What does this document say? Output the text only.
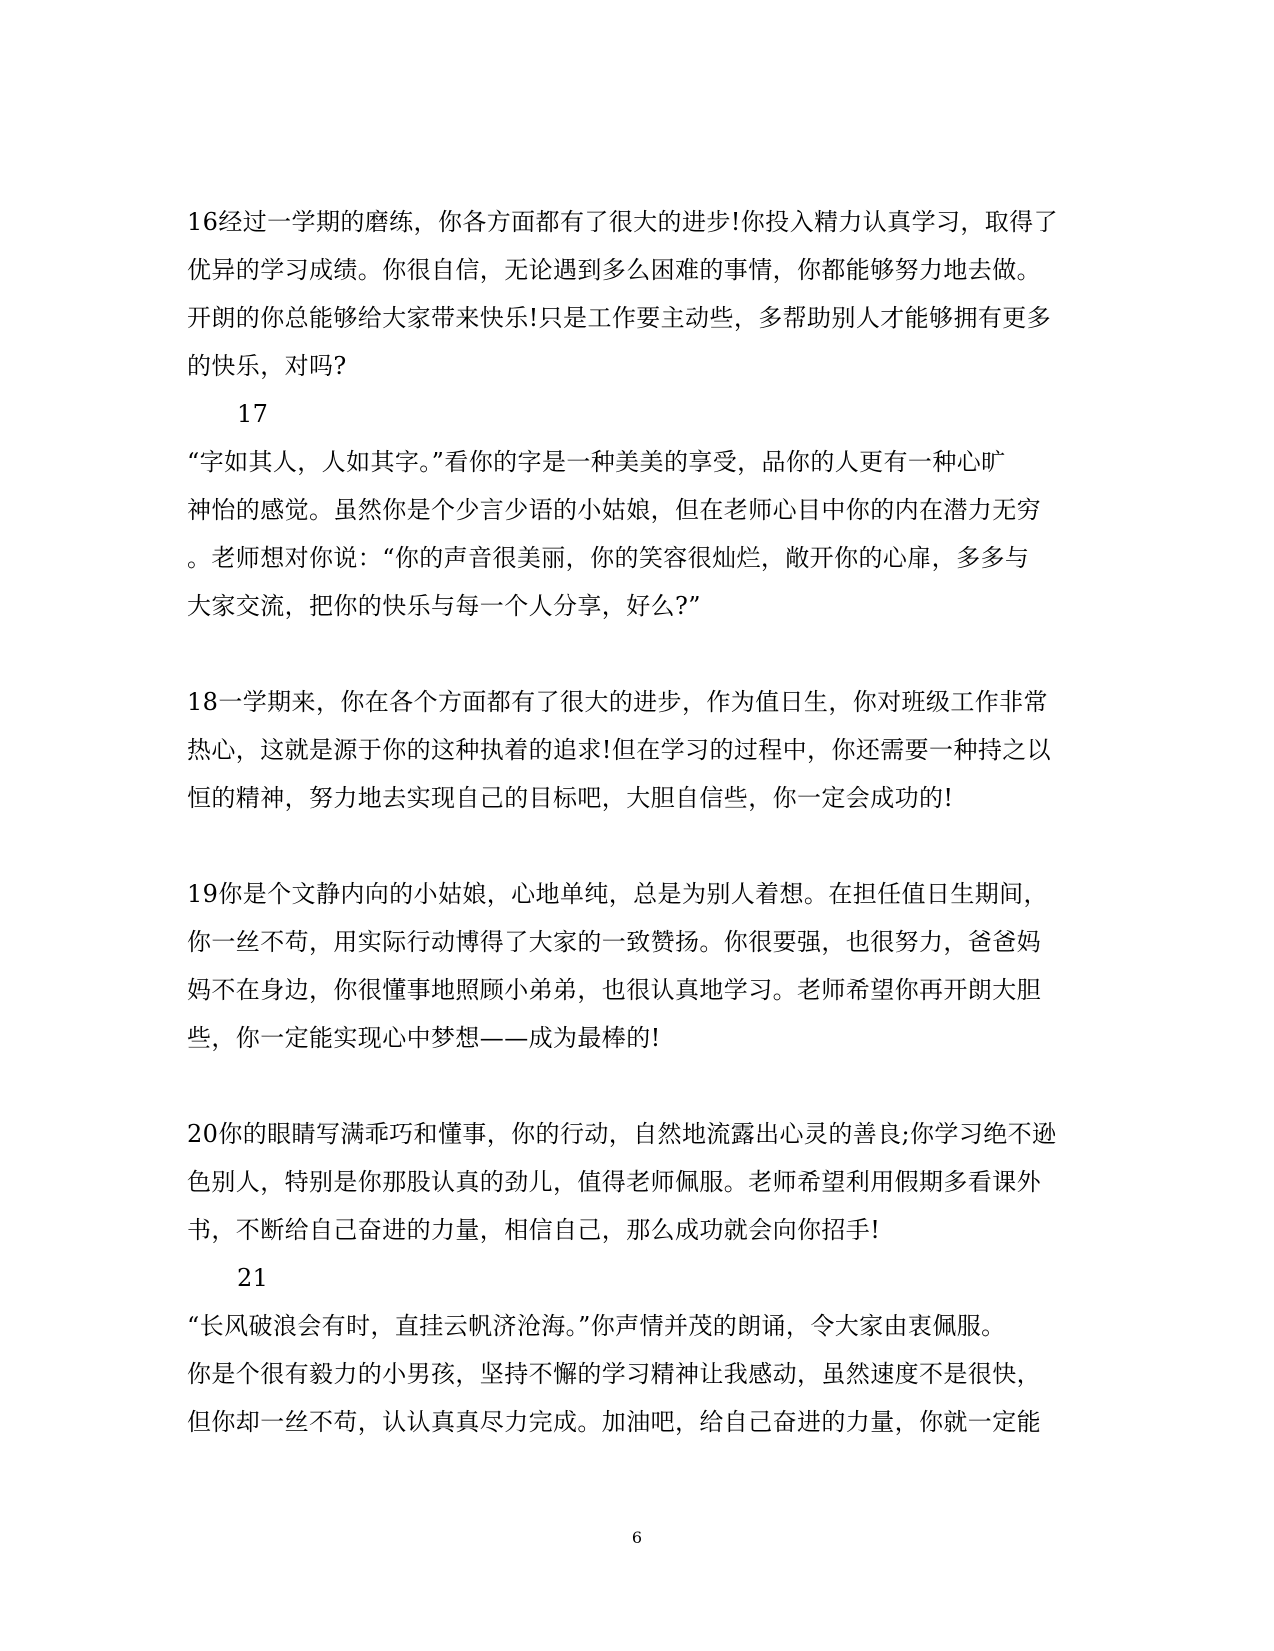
16经过一学期的磨练，你各方面都有了很大的进步!你投入精力认真学习，取得了
优异的学习成绩。你很自信，无论遇到多么困难的事情，你都能够努力地去做。
开朗的你总能够给大家带来快乐!只是工作要主动些，多帮助别人才能够拥有更多
的快乐，对吗?
17
“字如其人，人如其字。”看你的字是一种美美的享受，品你的人更有一种心旷
神怡的感觉。虽然你是个少言少语的小姑娘，但在老师心目中你的内在潜力无穷
。老师想对你说：“你的声音很美丽，你的笑容很灿烂，敞开你的心扉，多多与
大家交流，把你的快乐与每一个人分享，好么?”
18一学期来，你在各个方面都有了很大的进步，作为值日生，你对班级工作非常
热心，这就是源于你的这种执着的追求!但在学习的过程中，你还需要一种持之以
恒的精神，努力地去实现自己的目标吧，大胆自信些，你一定会成功的!
19你是个文静内向的小姑娘，心地单纯，总是为别人着想。在担任值日生期间，
你一丝不苟，用实际行动博得了大家的一致赞扬。你很要强，也很努力，爸爸妈
妈不在身边，你很懂事地照顾小弟弟，也很认真地学习。老师希望你再开朗大胆
些，你一定能实现心中梦想——成为最棒的!
20你的眼睛写满乖巧和懂事，你的行动，自然地流露出心灵的善良;你学习绝不逊
色别人，特别是你那股认真的劲儿，值得老师佩服。老师希望利用假期多看课外
书，不断给自己奋进的力量，相信自己，那么成功就会向你招手!
21
“长风破浪会有时，直挂云帆济沧海。”你声情并茂的朗诵，令大家由衷佩服。
你是个很有毅力的小男孩，坚持不懈的学习精神让我感动，虽然速度不是很快，
但你却一丝不苟，认认真真尽力完成。加油吧，给自己奋进的力量，你就一定能
6
